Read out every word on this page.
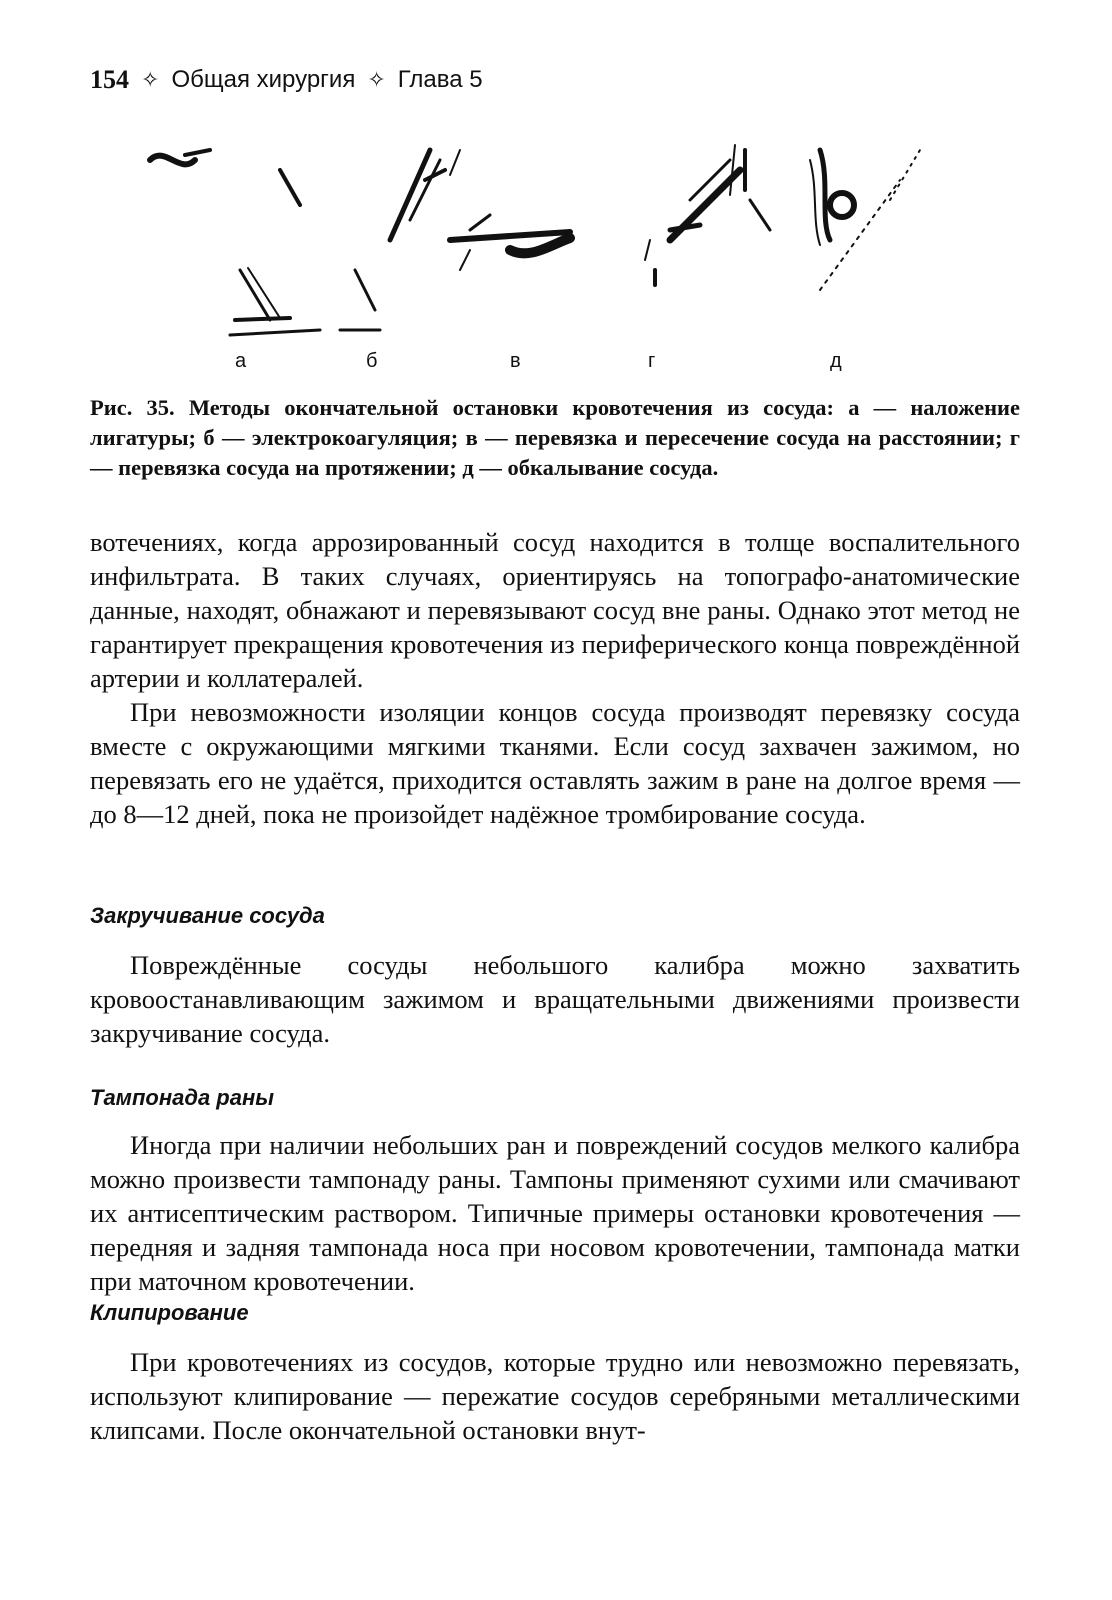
154 ✧ Общая хирургия ✧ Глава 5
а	б	в	г	д
Рис. 35. Методы окончательной остановки кровотечения из сосуда: а — наложение лигатуры; б — электрокоагуляция; в — перевязка и пересечение сосуда на расстоянии; г — перевязка сосуда на протяжении; д — обкалывание сосуда.

вотечениях, когда аррозированный сосуд находится в толще воспалительного инфильтрата. В таких случаях, ориентируясь на топографо-анатомические данные, находят, обнажают и перевязывают сосуд вне раны. Однако этот метод не гарантирует прекращения кровотечения из периферического конца повреждённой артерии и коллатералей.

При невозможности изоляции концов сосуда производят перевязку сосуда вместе с окружающими мягкими тканями. Если сосуд захвачен зажимом, но перевязать его не удаётся, приходится оставлять зажим в ране на долгое время — до 8—12 дней, пока не произойдет надёжное тромбирование сосуда.

Закручивание сосуда

Повреждённые сосуды небольшого калибра можно захватить кровоостанавливающим зажимом и вращательными движениями произвести закручивание сосуда.

Тампонада раны

Иногда при наличии небольших ран и повреждений сосудов мелкого калибра можно произвести тампонаду раны. Тампоны применяют сухими или смачивают их антисептическим раствором. Типичные примеры остановки кровотечения — передняя и задняя тампонада носа при носовом кровотечении, тампонада матки при маточном кровотечении.

Клипирование

При кровотечениях из сосудов, которые трудно или невозможно перевязать, используют клипирование — пережатие сосудов серебряными металлическими клипсами. После окончательной остановки внут-
